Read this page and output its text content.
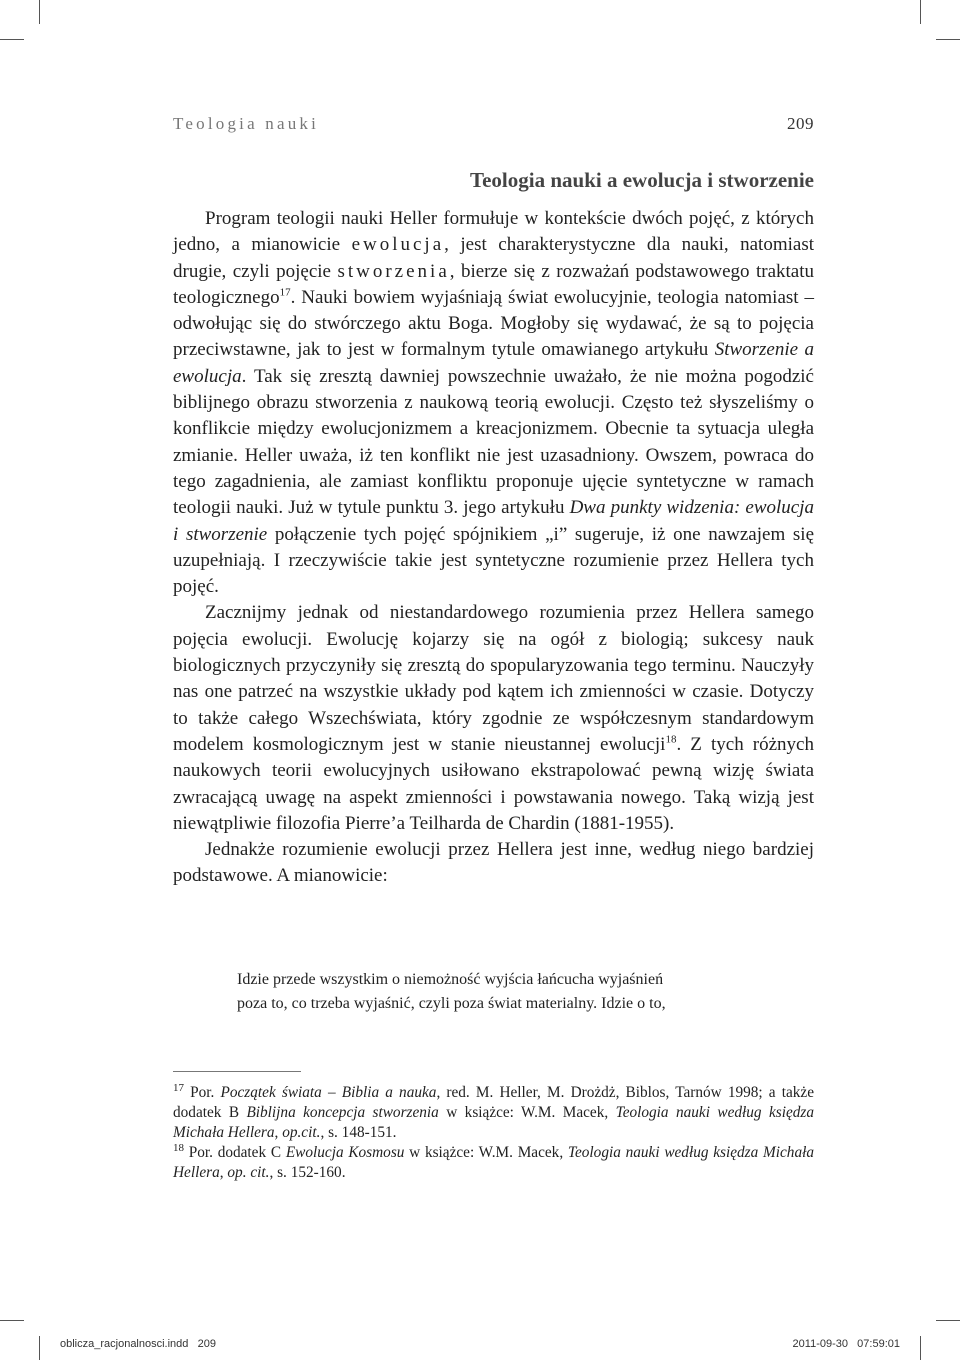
Teologia nauki	209
Teologia nauki a ewolucja i stworzenie

Program teologii nauki Heller formułuje w kontekście dwóch pojęć, z których jedno, a mianowicie ewolucja, jest charakterystyczne dla nauki, natomiast drugie, czyli pojęcie stworzenia, bierze się z rozważań podstawowego traktatu teologicznego$^{17}$. Nauki bowiem wyjaśniają świat ewolucyjnie, teologia natomiast – odwołując się do stwórczego aktu Boga. Mogłoby się wydawać, że są to pojęcia przeciwstawne, jak to jest w formalnym tytule omawianego artykułu Stworzenie a ewolucja. Tak się zresztą dawniej powszechnie uważało, że nie można pogodzić biblijnego obrazu stworzenia z naukową teorią ewolucji. Często też słyszeliśmy o konflikcie między ewolucjonizmem a kreacjonizmem. Obecnie ta sytuacja uległa zmianie. Heller uważa, iż ten konflikt nie jest uzasadniony. Owszem, powraca do tego zagadnienia, ale zamiast konfliktu proponuje ujęcie syntetyczne w ramach teologii nauki. Już w tytule punktu 3. jego artykułu Dwa punkty widzenia: ewolucja i stworzenie połączenie tych pojęć spójnikiem „i” sugeruje, iż one nawzajem się uzupełniają. I rzeczywiście takie jest syntetyczne rozumienie przez Hellera tych pojęć.

Zacznijmy jednak od niestandardowego rozumienia przez Hellera samego pojęcia ewolucji. Ewolucję kojarzy się na ogół z biologią; sukcesy nauk biologicznych przyczyniły się zresztą do spopularyzowania tego terminu. Nauczyły nas one patrzeć na wszystkie układy pod kątem ich zmienności w czasie. Dotyczy to także całego Wszechświata, który zgodnie ze współczesnym standardowym modelem kosmologicznym jest w stanie nieustannej ewolucji$^{18}$. Z tych różnych naukowych teorii ewolucyjnych usiłowano ekstrapolować pewną wizję świata zwracającą uwagę na aspekt zmienności i powstawania nowego. Taką wizją jest niewątpliwie filozofia Pierre’a Teilharda de Chardin (1881-1955).

Jednakże rozumienie ewolucji przez Hellera jest inne, według niego bardziej podstawowe. A mianowicie:

Idzie przede wszystkim o niemożność wyjścia łańcucha wyjaśnień
poza to, co trzeba wyjaśnić, czyli poza świat materialny. Idzie o to,

$^{17}$ Por. Początek świata – Biblia a nauka, red. M. Heller, M. Drożdż, Biblos, Tarnów 1998; a także dodatek B Biblijna koncepcja stworzenia w książce: W.M. Macek, Teologia nauki według księdza Michała Hellera, op.cit., s. 148-151.

$^{18}$ Por. dodatek C Ewolucja Kosmosu w książce: W.M. Macek, Teologia nauki według księdza Michała Hellera, op. cit., s. 152-160.

oblicza_racjonalnosci.indd   209	2011-09-30   07:59:01
